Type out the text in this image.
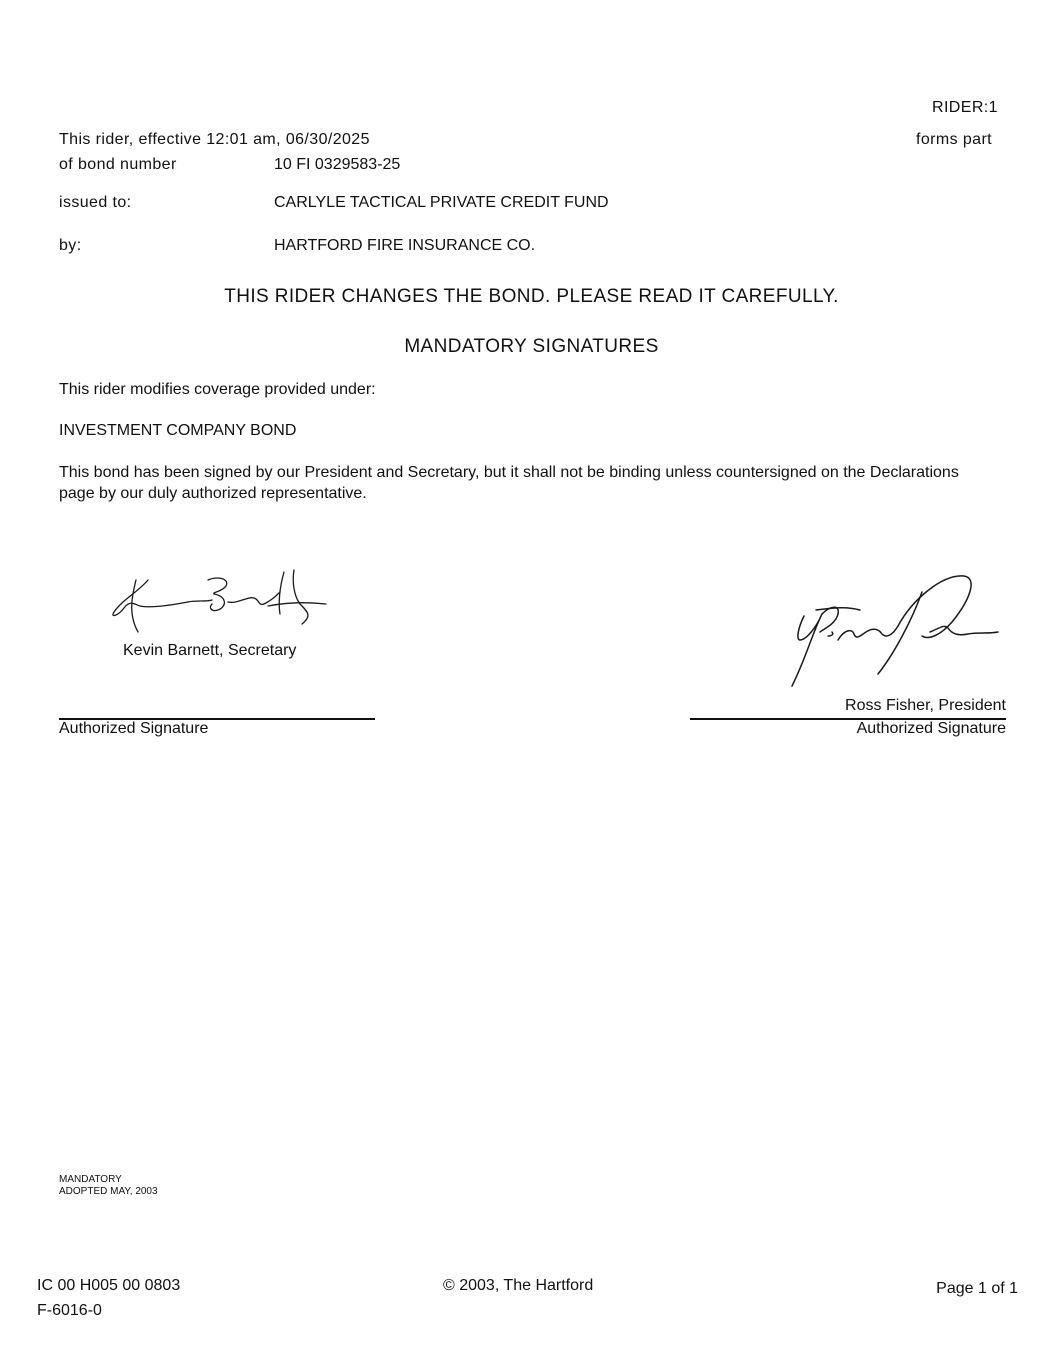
RIDER:1
This rider, effective 12:01 am, 06/30/2025	forms part
of bond number	10 FI 0329583-25
issued to:	CARLYLE TACTICAL PRIVATE CREDIT FUND
by:	HARTFORD FIRE INSURANCE CO.
THIS RIDER CHANGES THE BOND. PLEASE READ IT CAREFULLY.
MANDATORY SIGNATURES
This rider modifies coverage provided under:
INVESTMENT COMPANY BOND
This bond has been signed by our President and Secretary, but it shall not be binding unless countersigned on the Declarations page by our duly authorized representative.
Kevin Barnett, Secretary
Authorized Signature
Ross Fisher, President
Authorized Signature
MANDATORY
ADOPTED MAY, 2003
IC 00 H005 00 0803
F-6016-0
© 2003, The Hartford	Page 1 of 1
